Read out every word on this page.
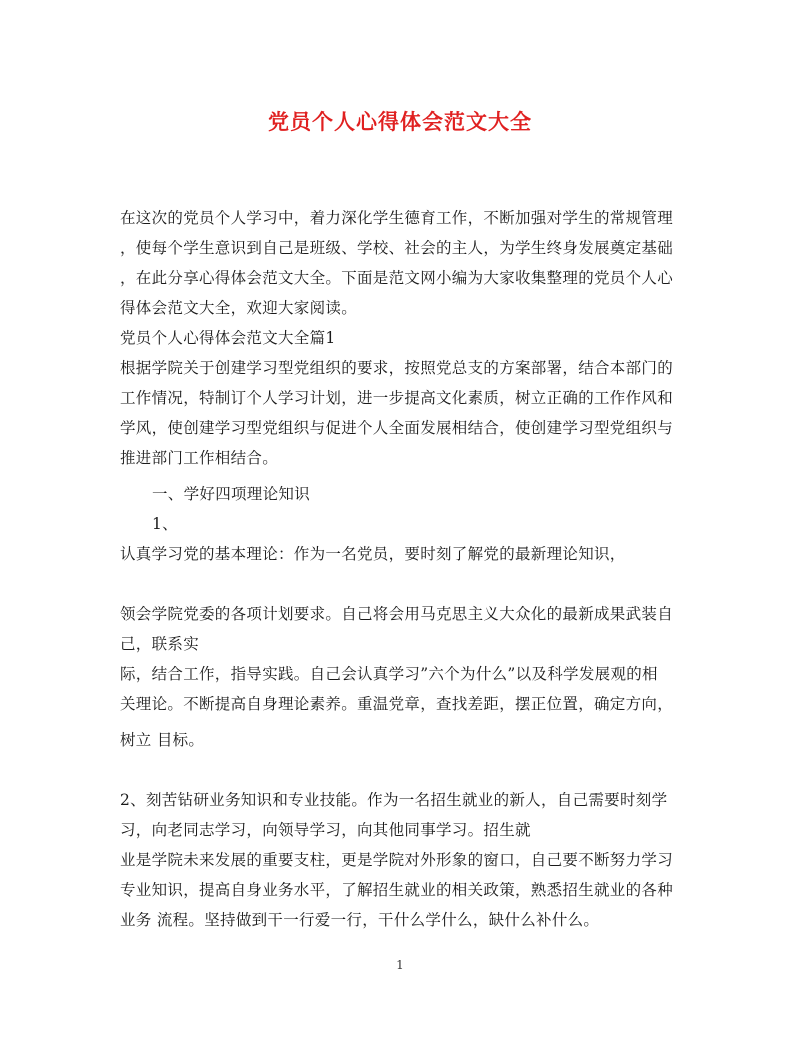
党员个人心得体会范文大全
在这次的党员个人学习中，着力深化学生德育工作，不断加强对学生的常规管理
，使每个学生意识到自己是班级、学校、社会的主人，为学生终身发展奠定基础
，在此分享心得体会范文大全。下面是范文网小编为大家收集整理的党员个人心
得体会范文大全，欢迎大家阅读。
党员个人心得体会范文大全篇1
根据学院关于创建学习型党组织的要求，按照党总支的方案部署，结合本部门的
工作情况，特制订个人学习计划，进一步提高文化素质，树立正确的工作作风和
学风，使创建学习型党组织与促进个人全面发展相结合，使创建学习型党组织与
推进部门工作相结合。
一、学好四项理论知识
1、
认真学习党的基本理论：作为一名党员，要时刻了解党的最新理论知识，
领会学院党委的各项计划要求。自己将会用马克思主义大众化的最新成果武装自
己，联系实
际，结合工作，指导实践。自己会认真学习”六个为什么”以及科学发展观的相
关理论。不断提高自身理论素养。重温党章，查找差距，摆正位置，确定方向，
树立 目标。
2、刻苦钻研业务知识和专业技能。作为一名招生就业的新人，自己需要时刻学
习，向老同志学习，向领导学习，向其他同事学习。招生就
业是学院未来发展的重要支柱，更是学院对外形象的窗口，自己要不断努力学习
专业知识，提高自身业务水平，了解招生就业的相关政策，熟悉招生就业的各种
业务 流程。坚持做到干一行爱一行，干什么学什么，缺什么补什么。
1
